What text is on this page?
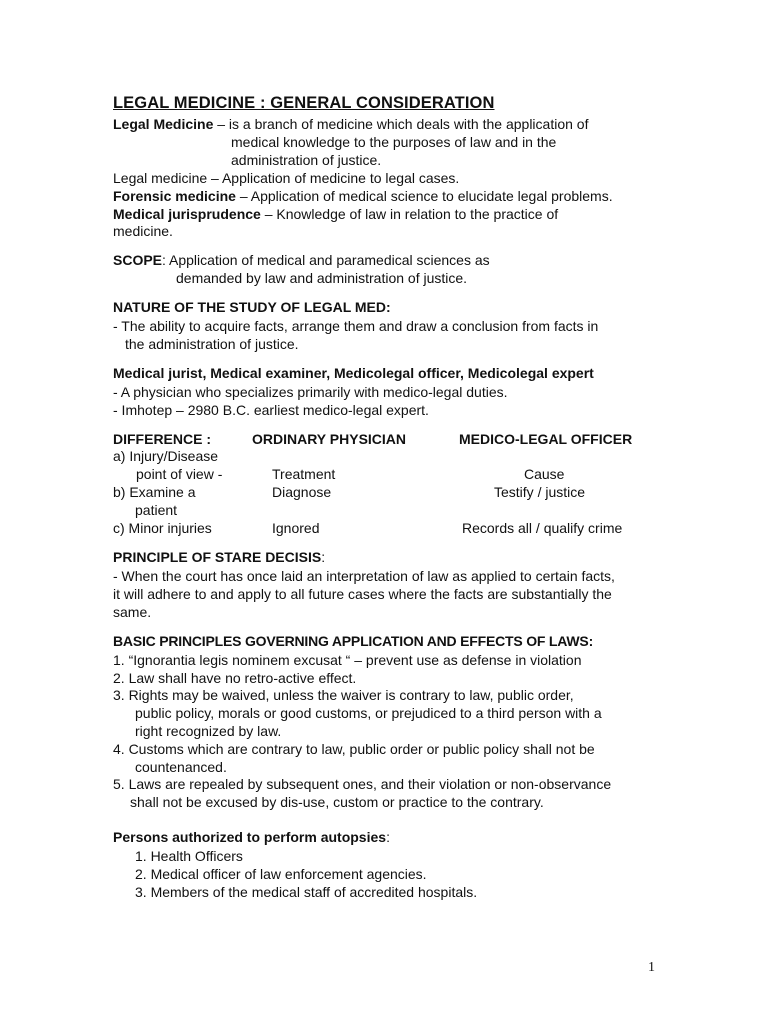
LEGAL MEDICINE : GENERAL CONSIDERATION
Legal Medicine – is a branch of medicine which deals with the application of
medical knowledge to the purposes of law and in the
administration of justice.
Legal medicine – Application of medicine to legal cases.
Forensic medicine – Application of medical science to elucidate legal problems.
Medical jurisprudence – Knowledge of law in relation to the practice of
medicine.
SCOPE: Application of medical and paramedical sciences as
demanded by law and administration of justice.
NATURE OF THE STUDY OF LEGAL MED:
- The ability to acquire facts, arrange them and draw a conclusion from facts in
the administration of justice.
Medical jurist, Medical examiner, Medicolegal officer, Medicolegal expert
- A physician who specializes primarily with medico-legal duties.
- Imhotep – 2980 B.C. earliest medico-legal expert.
DIFFERENCE :	ORDINARY PHYSICIAN	MEDICO-LEGAL OFFICER
a) Injury/Disease
point of view -	Treatment	Cause
b) Examine a	Diagnose	Testify / justice
patient
c) Minor injuries	Ignored	Records all / qualify crime
PRINCIPLE OF STARE DECISIS:
- When the court has once laid an interpretation of law as applied to certain facts,
it will adhere to and apply to all future cases where the facts are substantially the
same.
BASIC PRINCIPLES GOVERNING APPLICATION AND EFFECTS OF LAWS:
1. “Ignorantia legis nominem excusat “ – prevent use as defense in violation
2. Law shall have no retro-active effect.
3. Rights may be waived, unless the waiver is contrary to law, public order,
public policy, morals or good customs, or prejudiced to a third person with a
right recognized by law.
4. Customs which are contrary to law, public order or public policy shall not be
countenanced.
5. Laws are repealed by subsequent ones, and their violation or non-observance
shall not be excused by dis-use, custom or practice to the contrary.
Persons authorized to perform autopsies:
1. Health Officers
2. Medical officer of law enforcement agencies.
3. Members of the medical staff of accredited hospitals.
1
